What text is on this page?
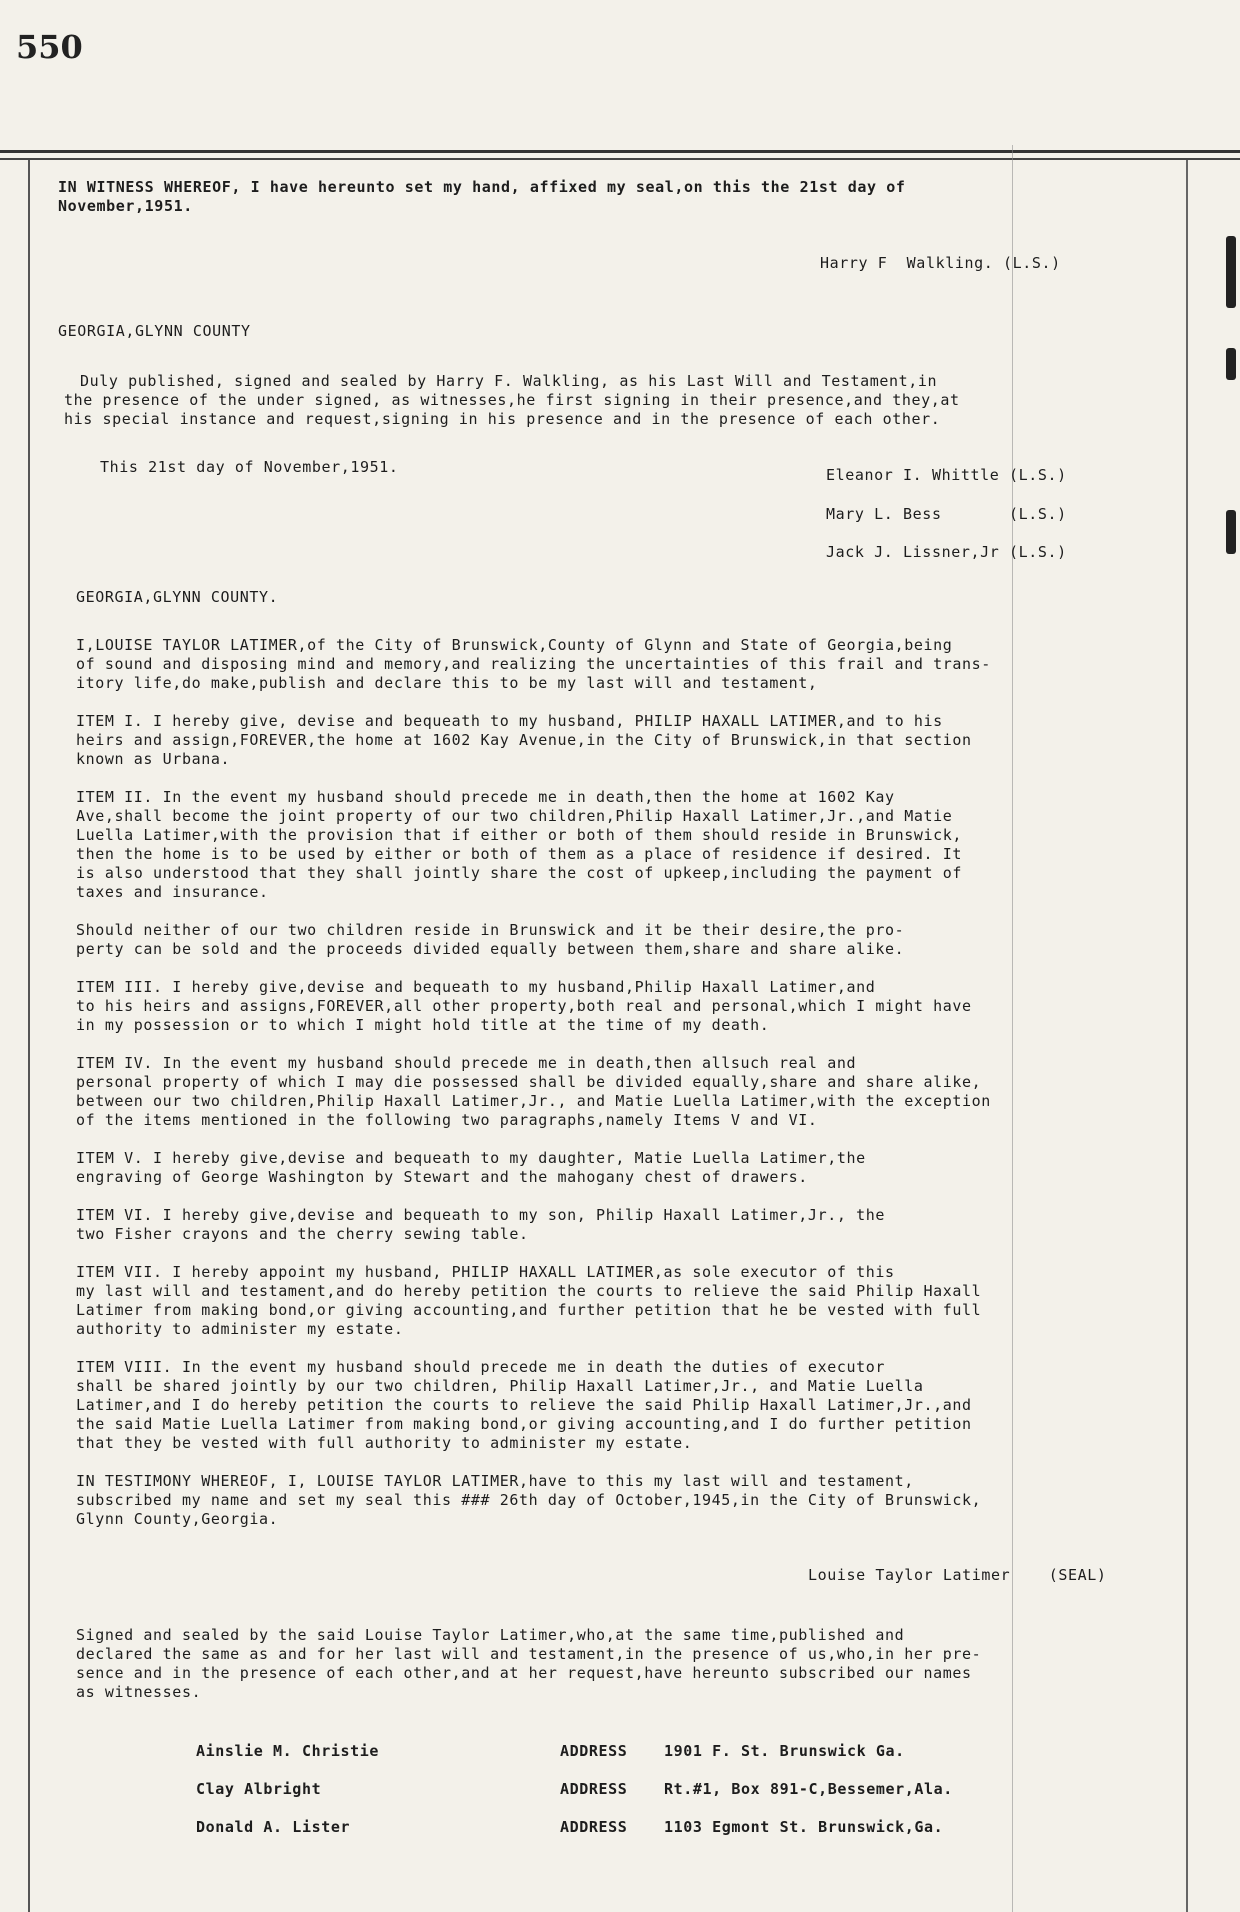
550

IN WITNESS WHEREOF, I have hereunto set my hand, affixed my seal,on this the 21st day of
November,1951.

Harry F  Walkling. (L.S.)
GEORGIA,GLYNN COUNTY

Duly published, signed and sealed by Harry F. Walkling, as his Last Will and Testament,in
the presence of the under signed, as witnesses,he first signing in their presence,and they,at
his special instance and request,signing in his presence and in the presence of each other.

This 21st day of November,1951.	Eleanor I. Whittle (L.S.)
Mary L. Bess       (L.S.)
Jack J. Lissner,Jr (L.S.)
GEORGIA,GLYNN COUNTY.

I,LOUISE TAYLOR LATIMER,of the City of Brunswick,County of Glynn and State of Georgia,being
of sound and disposing mind and memory,and realizing the uncertainties of this frail and trans-
itory life,do make,publish and declare this to be my last will and testament,

ITEM I. I hereby give, devise and bequeath to my husband, PHILIP HAXALL LATIMER,and to his
heirs and assign,FOREVER,the home at 1602 Kay Avenue,in the City of Brunswick,in that section
known as Urbana.

ITEM II. In the event my husband should precede me in death,then the home at 1602 Kay
Ave,shall become the joint property of our two children,Philip Haxall Latimer,Jr.,and Matie
Luella Latimer,with the provision that if either or both of them should reside in Brunswick,
then the home is to be used by either or both of them as a place of residence if desired. It
is also understood that they shall jointly share the cost of upkeep,including the payment of
taxes and insurance.

Should neither of our two children reside in Brunswick and it be their desire,the pro-
perty can be sold and the proceeds divided equally between them,share and share alike.

ITEM III. I hereby give,devise and bequeath to my husband,Philip Haxall Latimer,and
to his heirs and assigns,FOREVER,all other property,both real and personal,which I might have
in my possession or to which I might hold title at the time of my death.

ITEM IV. In the event my husband should precede me in death,then allsuch real and
personal property of which I may die possessed shall be divided equally,share and share alike,
between our two children,Philip Haxall Latimer,Jr., and Matie Luella Latimer,with the exception
of the items mentioned in the following two paragraphs,namely Items V and VI.

ITEM V. I hereby give,devise and bequeath to my daughter, Matie Luella Latimer,the
engraving of George Washington by Stewart and the mahogany chest of drawers.

ITEM VI. I hereby give,devise and bequeath to my son, Philip Haxall Latimer,Jr., the
two Fisher crayons and the cherry sewing table.

ITEM VII. I hereby appoint my husband, PHILIP HAXALL LATIMER,as sole executor of this
my last will and testament,and do hereby petition the courts to relieve the said Philip Haxall
Latimer from making bond,or giving accounting,and further petition that he be vested with full
authority to administer my estate.

ITEM VIII. In the event my husband should precede me in death the duties of executor
shall be shared jointly by our two children, Philip Haxall Latimer,Jr., and Matie Luella
Latimer,and I do hereby petition the courts to relieve the said Philip Haxall Latimer,Jr.,and
the said Matie Luella Latimer from making bond,or giving accounting,and I do further petition
that they be vested with full authority to administer my estate.

IN TESTIMONY WHEREOF, I, LOUISE TAYLOR LATIMER,have to this my last will and testament,
subscribed my name and set my seal this ### 26th day of October,1945,in the City of Brunswick,
Glynn County,Georgia.

Louise Taylor Latimer    (SEAL)

Signed and sealed by the said Louise Taylor Latimer,who,at the same time,published and
declared the same as and for her last will and testament,in the presence of us,who,in her pre-
sence and in the presence of each other,and at her request,have hereunto subscribed our names
as witnesses.

Ainslie M. Christie	ADDRESS 1901 F. St. Brunswick Ga.
Clay Albright	ADDRESS Rt.#1, Box 891-C,Bessemer,Ala.
Donald A. Lister	ADDRESS 1103 Egmont St. Brunswick,Ga.
